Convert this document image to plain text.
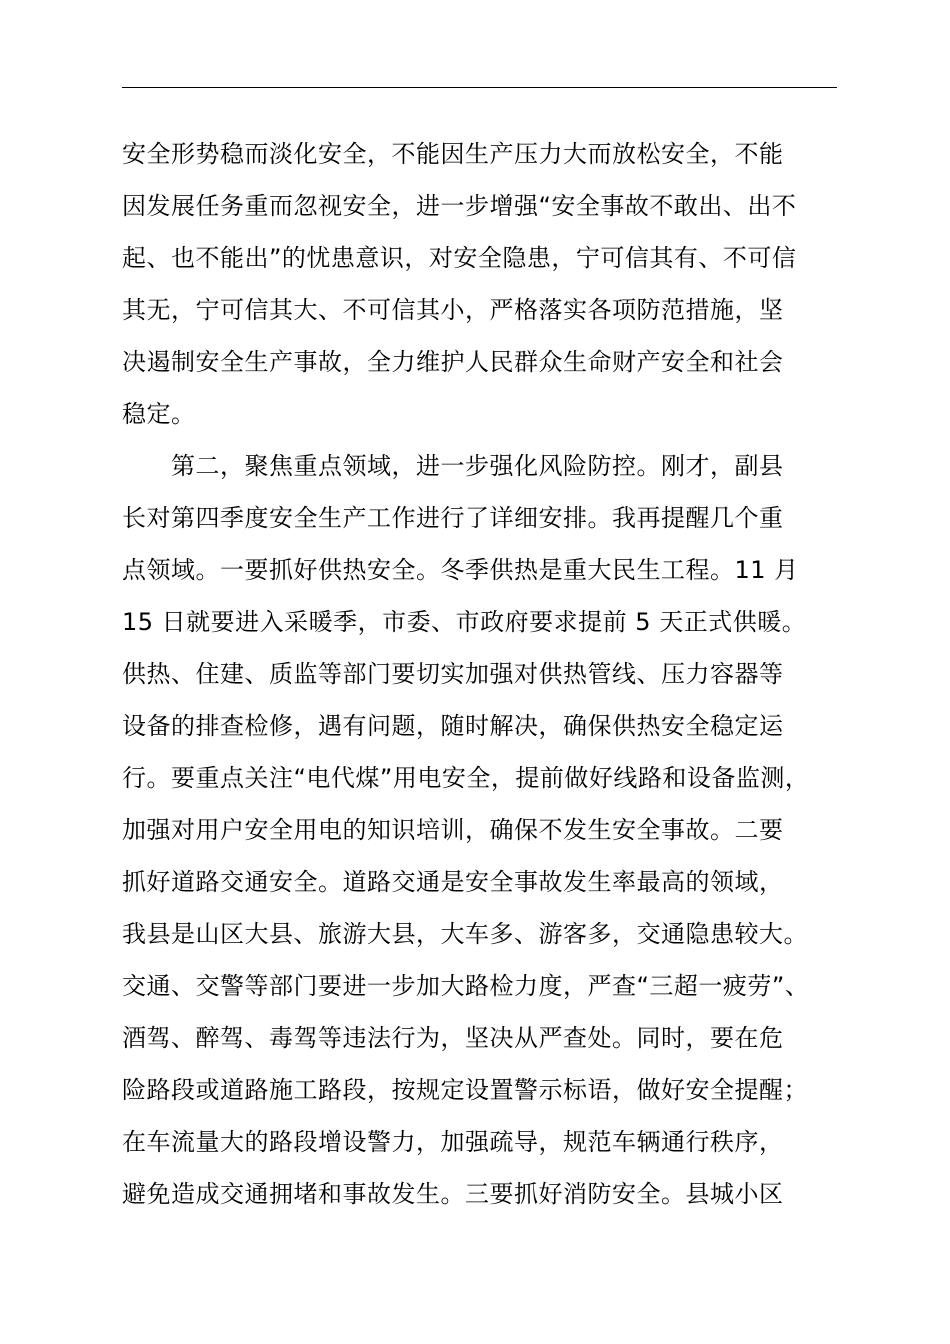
安全形势稳而淡化安全，不能因生产压力大而放松安全，不能
因发展任务重而忽视安全，进一步增强“安全事故不敢出、出不
起、也不能出”的忧患意识，对安全隐患，宁可信其有、不可信
其无，宁可信其大、不可信其小，严格落实各项防范措施，坚
决遏制安全生产事故，全力维护人民群众生命财产安全和社会
稳定。
　　第二，聚焦重点领域，进一步强化风险防控。刚才，副县
长对第四季度安全生产工作进行了详细安排。我再提醒几个重
点领域。一要抓好供热安全。冬季供热是重大民生工程。11 月
15 日就要进入采暖季，市委、市政府要求提前 5 天正式供暖。
供热、住建、质监等部门要切实加强对供热管线、压力容器等
设备的排查检修，遇有问题，随时解决，确保供热安全稳定运
行。要重点关注“电代煤”用电安全，提前做好线路和设备监测，
加强对用户安全用电的知识培训，确保不发生安全事故。二要
抓好道路交通安全。道路交通是安全事故发生率最高的领域，
我县是山区大县、旅游大县，大车多、游客多，交通隐患较大。
交通、交警等部门要进一步加大路检力度，严查“三超一疲劳”、
酒驾、醉驾、毒驾等违法行为，坚决从严查处。同时，要在危
险路段或道路施工路段，按规定设置警示标语，做好安全提醒；
在车流量大的路段增设警力，加强疏导，规范车辆通行秩序，
避免造成交通拥堵和事故发生。三要抓好消防安全。县城小区
